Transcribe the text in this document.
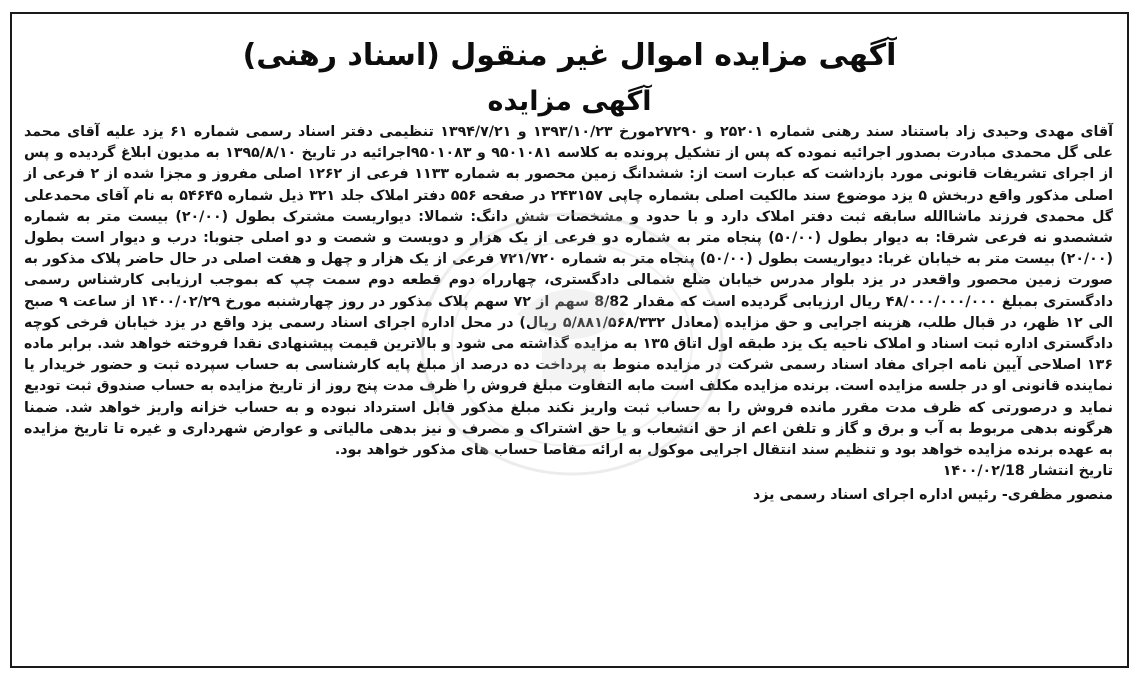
آگهی مزایده اموال غیر منقول (اسناد رهنی)
آگهی مزایده
آقای مهدی وحیدی زاد باستناد سند رهنی شماره ۲۵۲۰۱ و ۲۷۲۹۰مورخ ۱۳۹۳/۱۰/۲۳ و ۱۳۹۴/۷/۲۱ تنظیمی دفتر اسناد رسمی شماره ۶۱ یزد علیه آقای محمد علی گل محمدی مبادرت بصدور اجرائیه نموده که پس از تشکیل پرونده به کلاسه ۹۵۰۱۰۸۱ و ۹۵۰۱۰۸۳اجرائیه در تاریخ ۱۳۹۵/۸/۱۰ به مدیون ابلاغ گردیده و پس از اجرای تشریفات قانونی مورد بازداشت که عبارت است از: ششدانگ زمین محصور به شماره ۱۱۳۳ فرعی از ۱۲۶۲ اصلی مفروز و مجزا شده از ۲ فرعی از اصلی مذکور واقع دربخش ۵ یزد موضوع سند مالکیت اصلی بشماره چاپی ۲۴۳۱۵۷ در صفحه ۵۵۶ دفتر املاک جلد ۳۲۱ ذیل شماره ۵۴۶۴۵ به نام آقای محمدعلی گل محمدی فرزند ماشاالله سابقه ثبت دفتر املاک دارد و با حدود و مشخصات شش دانگ: شمالا: دیواریست مشترک بطول (۲۰/۰۰) بیست متر به شماره ششصدو نه فرعی شرقا: به دیوار بطول (۵۰/۰۰) پنجاه متر به شماره دو فرعی از یک هزار و دویست و شصت و دو اصلی جنوبا: درب و دیوار است بطول (۲۰/۰۰) بیست متر به خیابان غربا: دیواریست بطول (۵۰/۰۰) پنجاه متر به شماره ۷۲۱/۷۲۰ فرعی از یک هزار و چهل و هفت اصلی در حال حاضر پلاک مذکور به صورت زمین محصور واقعدر در یزد بلوار مدرس خیابان ضلع شمالی دادگستری، چهارراه دوم قطعه دوم سمت چپ که بموجب ارزیابی کارشناس رسمی دادگستری بمبلغ ۴۸/۰۰۰/۰۰۰/۰۰۰ ریال ارزیابی گردیده است که مقدار 8/82 سهم از ۷۲ سهم پلاک مذکور در روز چهارشنبه مورخ ۱۴۰۰/۰۲/۲۹ از ساعت ۹ صبح الی ۱۲ ظهر، در قبال طلب، هزینه اجرایی و حق مزایده (معادل ۵/۸۸۱/۵۶۸/۳۳۲ ریال) در محل اداره اجرای اسناد رسمی یزد واقع در یزد خیابان فرخی کوچه دادگستری اداره ثبت اسناد و املاک ناحیه یک یزد طبقه اول اتاق ۱۳۵ به مزایده گذاشته می شود و بالاترین قیمت پیشنهادی نقدا فروخته خواهد شد. برابر ماده ۱۳۶ اصلاحی آیین نامه اجرای مفاد اسناد رسمی شرکت در مزایده منوط به پرداخت ده درصد از مبلغ پایه کارشناسی به حساب سپرده ثبت و حضور خریدار یا نماینده قانونی او در جلسه مزایده است. برنده مزایده مکلف است مابه التفاوت مبلغ فروش را ظرف مدت پنج روز از تاریخ مزایده به حساب صندوق ثبت تودیع نماید و درصورتی که ظرف مدت مقرر مانده فروش را به حساب ثبت واریز نکند مبلغ مذکور قابل استرداد نبوده و به حساب خزانه واریز خواهد شد. ضمنا هرگونه بدهی مربوط به آب و برق و گاز و تلفن اعم از حق انشعاب و یا حق اشتراک و مصرف و نیز بدهی مالیاتی و عوارض شهرداری و غیره تا تاریخ مزایده به عهده برنده مزایده خواهد بود و تنظیم سند انتقال اجرایی موکول به ارائه مفاصا حساب های مذکور خواهد بود.
تاریخ انتشار ۱۴۰۰/۰۲/18
منصور مظفری- رئیس اداره اجرای اسناد رسمی یزد
